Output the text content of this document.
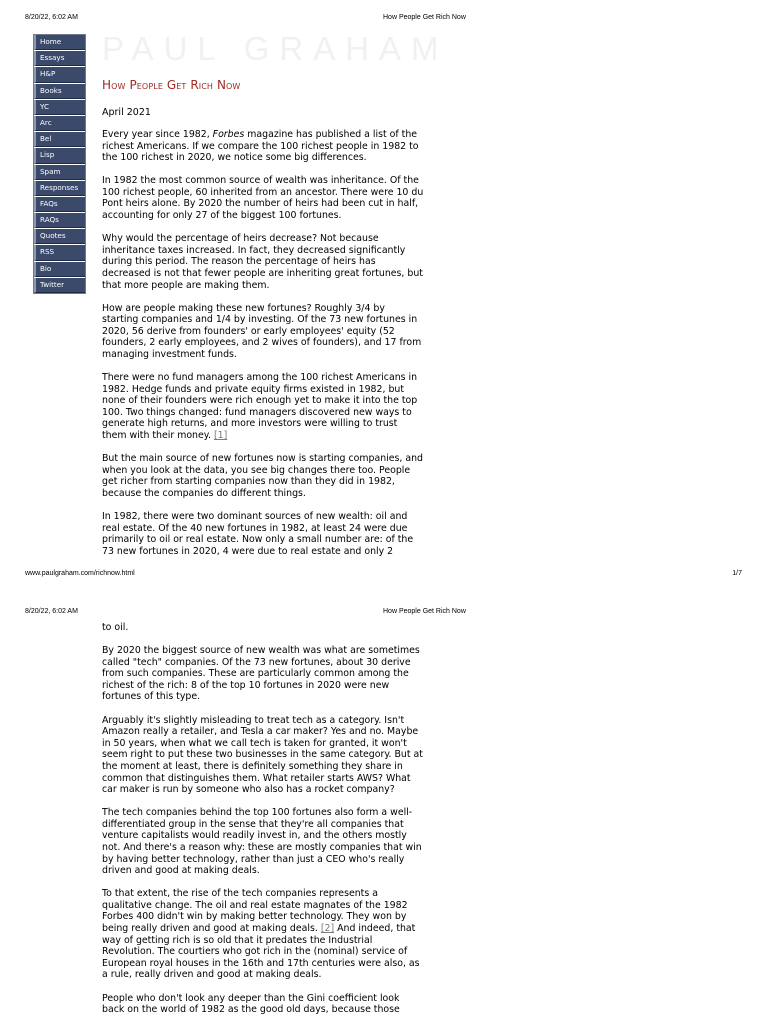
8/20/22, 6:02 AM	How People Get Rich Now
Home
Essays
H&P
Books
YC
Arc
Bel
Lisp
Spam
Responses
FAQs
RAQs
Quotes
RSS
Bio
Twitter
PAUL GRAHAM
How People Get Rich Now
April 2021

Every year since 1982, Forbes magazine has published a list of the richest Americans. If we compare the 100 richest people in 1982 to the 100 richest in 2020, we notice some big differences.

In 1982 the most common source of wealth was inheritance. Of the 100 richest people, 60 inherited from an ancestor. There were 10 du Pont heirs alone. By 2020 the number of heirs had been cut in half, accounting for only 27 of the biggest 100 fortunes.

Why would the percentage of heirs decrease? Not because inheritance taxes increased. In fact, they decreased significantly during this period. The reason the percentage of heirs has decreased is not that fewer people are inheriting great fortunes, but that more people are making them.

How are people making these new fortunes? Roughly 3/4 by starting companies and 1/4 by investing. Of the 73 new fortunes in 2020, 56 derive from founders' or early employees' equity (52 founders, 2 early employees, and 2 wives of founders), and 17 from managing investment funds.

There were no fund managers among the 100 richest Americans in 1982. Hedge funds and private equity firms existed in 1982, but none of their founders were rich enough yet to make it into the top 100. Two things changed: fund managers discovered new ways to generate high returns, and more investors were willing to trust them with their money. [1]

But the main source of new fortunes now is starting companies, and when you look at the data, you see big changes there too. People get richer from starting companies now than they did in 1982, because the companies do different things.

In 1982, there were two dominant sources of new wealth: oil and real estate. Of the 40 new fortunes in 1982, at least 24 were due primarily to oil or real estate. Now only a small number are: of the 73 new fortunes in 2020, 4 were due to real estate and only 2

www.paulgraham.com/richnow.html	1/7
8/20/22, 6:02 AM	How People Get Rich Now

to oil.

By 2020 the biggest source of new wealth was what are sometimes called "tech" companies. Of the 73 new fortunes, about 30 derive from such companies. These are particularly common among the richest of the rich: 8 of the top 10 fortunes in 2020 were new fortunes of this type.

Arguably it's slightly misleading to treat tech as a category. Isn't Amazon really a retailer, and Tesla a car maker? Yes and no. Maybe in 50 years, when what we call tech is taken for granted, it won't seem right to put these two businesses in the same category. But at the moment at least, there is definitely something they share in common that distinguishes them. What retailer starts AWS? What car maker is run by someone who also has a rocket company?

The tech companies behind the top 100 fortunes also form a well-differentiated group in the sense that they're all companies that venture capitalists would readily invest in, and the others mostly not. And there's a reason why: these are mostly companies that win by having better technology, rather than just a CEO who's really driven and good at making deals.

To that extent, the rise of the tech companies represents a qualitative change. The oil and real estate magnates of the 1982 Forbes 400 didn't win by making better technology. They won by being really driven and good at making deals. [2] And indeed, that way of getting rich is so old that it predates the Industrial Revolution. The courtiers who got rich in the (nominal) service of European royal houses in the 16th and 17th centuries were also, as a rule, really driven and good at making deals.

People who don't look any deeper than the Gini coefficient look back on the world of 1982 as the good old days, because those
